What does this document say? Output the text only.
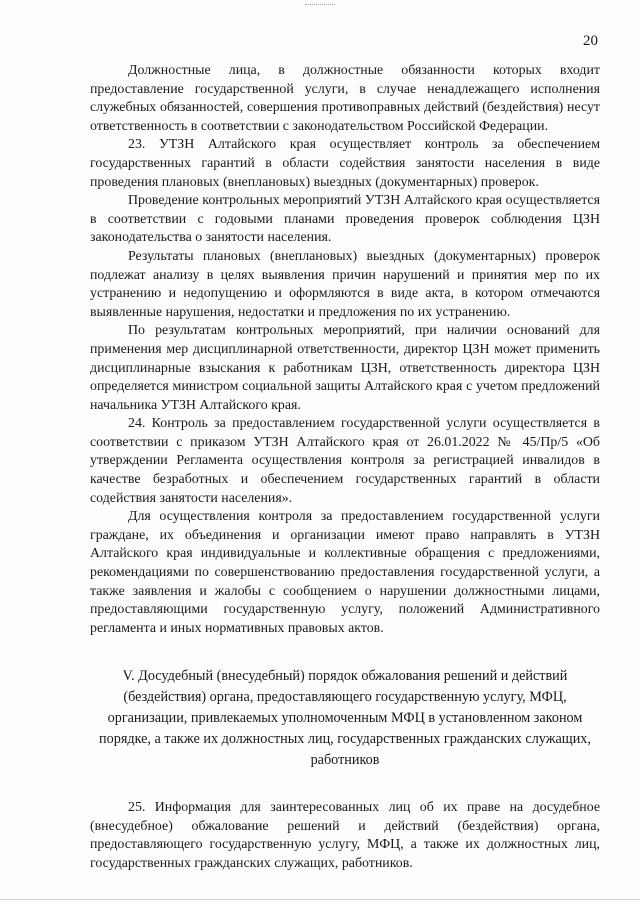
20

Должностные лица, в должностные обязанности которых входит предоставление государственной услуги, в случае ненадлежащего исполнения служебных обязанностей, совершения противоправных действий (бездействия) несут ответственность в соответствии с законодательством Российской Федерации.

23. УТЗН Алтайского края осуществляет контроль за обеспечением государственных гарантий в области содействия занятости населения в виде проведения плановых (внеплановых) выездных (документарных) проверок.

Проведение контрольных мероприятий УТЗН Алтайского края осуществляется в соответствии с годовыми планами проведения проверок соблюдения ЦЗН законодательства о занятости населения.

Результаты плановых (внеплановых) выездных (документарных) проверок подлежат анализу в целях выявления причин нарушений и принятия мер по их устранению и недопущению и оформляются в виде акта, в котором отмечаются выявленные нарушения, недостатки и предложения по их устранению.

По результатам контрольных мероприятий, при наличии оснований для применения мер дисциплинарной ответственности, директор ЦЗН может применить дисциплинарные взыскания к работникам ЦЗН, ответственность директора ЦЗН определяется министром социальной защиты Алтайского края с учетом предложений начальника УТЗН Алтайского края.

24. Контроль за предоставлением государственной услуги осуществляется в соответствии с приказом УТЗН Алтайского края от 26.01.2022 № 45/Пр/5 «Об утверждении Регламента осуществления контроля за регистрацией инвалидов в качестве безработных и обеспечением государственных гарантий в области содействия занятости населения».

Для осуществления контроля за предоставлением государственной услуги граждане, их объединения и организации имеют право направлять в УТЗН Алтайского края индивидуальные и коллективные обращения с предложениями, рекомендациями по совершенствованию предоставления государственной услуги, а также заявления и жалобы с сообщением о нарушении должностными лицами, предоставляющими государственную услугу, положений Административного регламента и иных нормативных правовых актов.

V. Досудебный (внесудебный) порядок обжалования решений и действий (бездействия) органа, предоставляющего государственную услугу, МФЦ, организации, привлекаемых уполномоченным МФЦ в установленном законом порядке, а также их должностных лиц, государственных гражданских служащих, работников

25. Информация для заинтересованных лиц об их праве на досудебное (внесудебное) обжалование решений и действий (бездействия) органа, предоставляющего государственную услугу, МФЦ, а также их должностных лиц, государственных гражданских служащих, работников.
